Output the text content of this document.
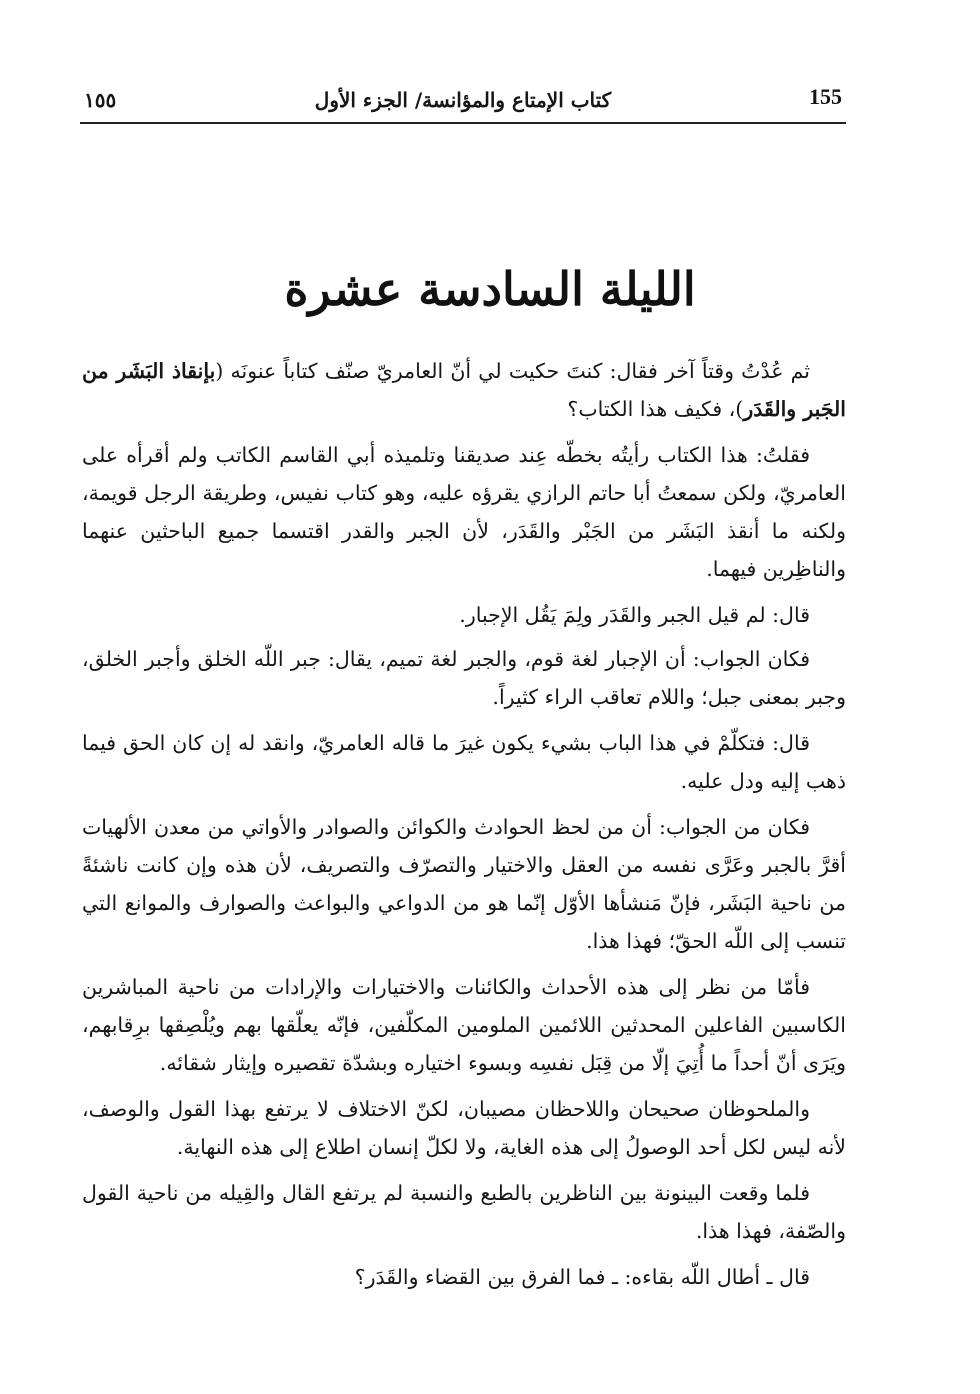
155
كتاب الإمتاع والمؤانسة/ الجزء الأول
١٥٥
الليلة السادسة عشرة

ثم عُدْتُ وقتاً آخر فقال: كنتَ حكيت لي أنّ العامريّ صنّف كتاباً عنونَه (بإنقاذ البَشَر من الجَبر والقَدَر)، فكيف هذا الكتاب؟

فقلتُ: هذا الكتاب رأيتُه بخطّه عِند صديقنا وتلميذه أبي القاسم الكاتب ولم أقرأه على العامريّ، ولكن سمعتُ أبا حاتم الرازي يقرؤه عليه، وهو كتاب نفيس، وطريقة الرجل قويمة، ولكنه ما أنقذ البَشَر من الجَبْر والقَدَر، لأن الجبر والقدر اقتسما جميع الباحثين عنهما والناظِرين فيهما.

قال: لم قيل الجبر والقَدَر ولِمَ يَقُل الإجبار.

فكان الجواب: أن الإجبار لغة قوم، والجبر لغة تميم، يقال: جبر اللّه الخلق وأجبر الخلق، وجبر بمعنى جبل؛ واللام تعاقب الراء كثيراً.

قال: فتكلّمْ في هذا الباب بشيء يكون غيرَ ما قاله العامريّ، وانقد له إن كان الحق فيما ذهب إليه ودل عليه.

فكان من الجواب: أن من لحظ الحوادث والكوائن والصوادر والأواتي من معدن الألهيات أقرَّ بالجبر وعَرَّى نفسه من العقل والاختيار والتصرّف والتصريف، لأن هذه وإن كانت ناشئةً من ناحية البَشَر، فإنّ مَنشأها الأوّل إنّما هو من الدواعي والبواعث والصوارف والموانع التي تنسب إلى اللّه الحقّ؛ فهذا هذا.

فأمّا من نظر إلى هذه الأحداث والكائنات والاختيارات والإرادات من ناحية المباشرين الكاسبين الفاعلين المحدثين اللائمين الملومين المكلّفين، فإنّه يعلّقها بهم ويُلْصِقها برِقابهم، ويَرَى أنّ أحداً ما أُتِيَ إلّا من قِبَل نفسِه وبسوء اختياره وبشدّة تقصيره وإيثار شقائه.

والملحوظان صحيحان واللاحظان مصيبان، لكنّ الاختلاف لا يرتفع بهذا القول والوصف، لأنه ليس لكل أحد الوصولُ إلى هذه الغاية، ولا لكلّ إنسان اطلاع إلى هذه النهاية.

فلما وقعت البينونة بين الناظرين بالطبع والنسبة لم يرتفع القال والقِيله من ناحية القول والصّفة، فهذا هذا.

قال ـ أطال اللّه بقاءه: ـ فما الفرق بين القضاء والقَدَر؟
